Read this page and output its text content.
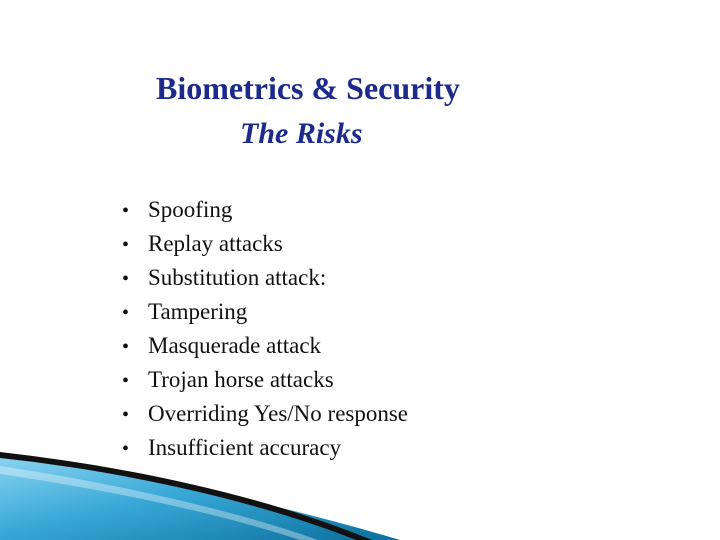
Biometrics & Security
The Risks
• Spoofing
• Replay attacks
• Substitution attack:
• Tampering
• Masquerade attack
• Trojan horse attacks
• Overriding Yes/No response
• Insufficient accuracy
